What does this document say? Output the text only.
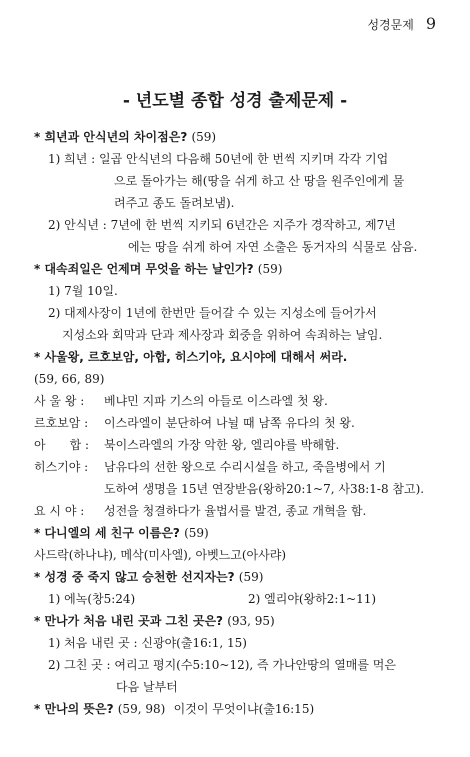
성경문제 9
- 년도별 종합 성경 출제문제 -
* 희년과 안식년의 차이점은? (59)
1) 희년 : 일곱 안식년의 다음해 50년에 한 번씩 지키며 각각 기업
으로 돌아가는 해(땅을 쉬게 하고 산 땅을 원주인에게 물
려주고 종도 돌려보냄).
2) 안식년 : 7년에 한 번씩 지키되 6년간은 지주가 경작하고, 제7년
에는 땅을 쉬게 하여 자연 소출은 동거자의 식물로 삼음.
* 대속죄일은 언제며 무엇을 하는 날인가? (59)
1) 7월 10일.
2) 대제사장이 1년에 한번만 들어갈 수 있는 지성소에 들어가서
지성소와 회막과 단과 제사장과 회중을 위하여 속죄하는 날임.
* 사울왕, 르호보암, 아합, 히스기야, 요시야에 대해서 써라.
(59, 66, 89)
사 울 왕 : 베냐민 지파 기스의 아들로 이스라엘 첫 왕.
르호보암 : 이스라엘이 분단하여 나뉠 때 남쪽 유다의 첫 왕.
아　　합 : 북이스라엘의 가장 악한 왕, 엘리야를 박해함.
히스기야 : 남유다의 선한 왕으로 수리시설을 하고, 죽을병에서 기
도하여 생명을 15년 연장받음(왕하20:1~7, 사38:1-8 참고).
요 시 야 : 성전을 청결하다가 율법서를 발견, 종교 개혁을 함.
* 다니엘의 세 친구 이름은? (59)
사드락(하나냐), 메삭(미사엘), 아벳느고(아사랴)
* 성경 중 죽지 않고 승천한 선지자는? (59)
1) 에녹(창5:24)	2) 엘리야(왕하2:1~11)
* 만나가 처음 내린 곳과 그친 곳은? (93, 95)
1) 처음 내린 곳 : 신광야(출16:1, 15)
2) 그친 곳 : 여리고 평지(수5:10~12), 즉 가나안땅의 열매를 먹은
다음 날부터
* 만나의 뜻은? (59, 98) 이것이 무엇이냐(출16:15)
